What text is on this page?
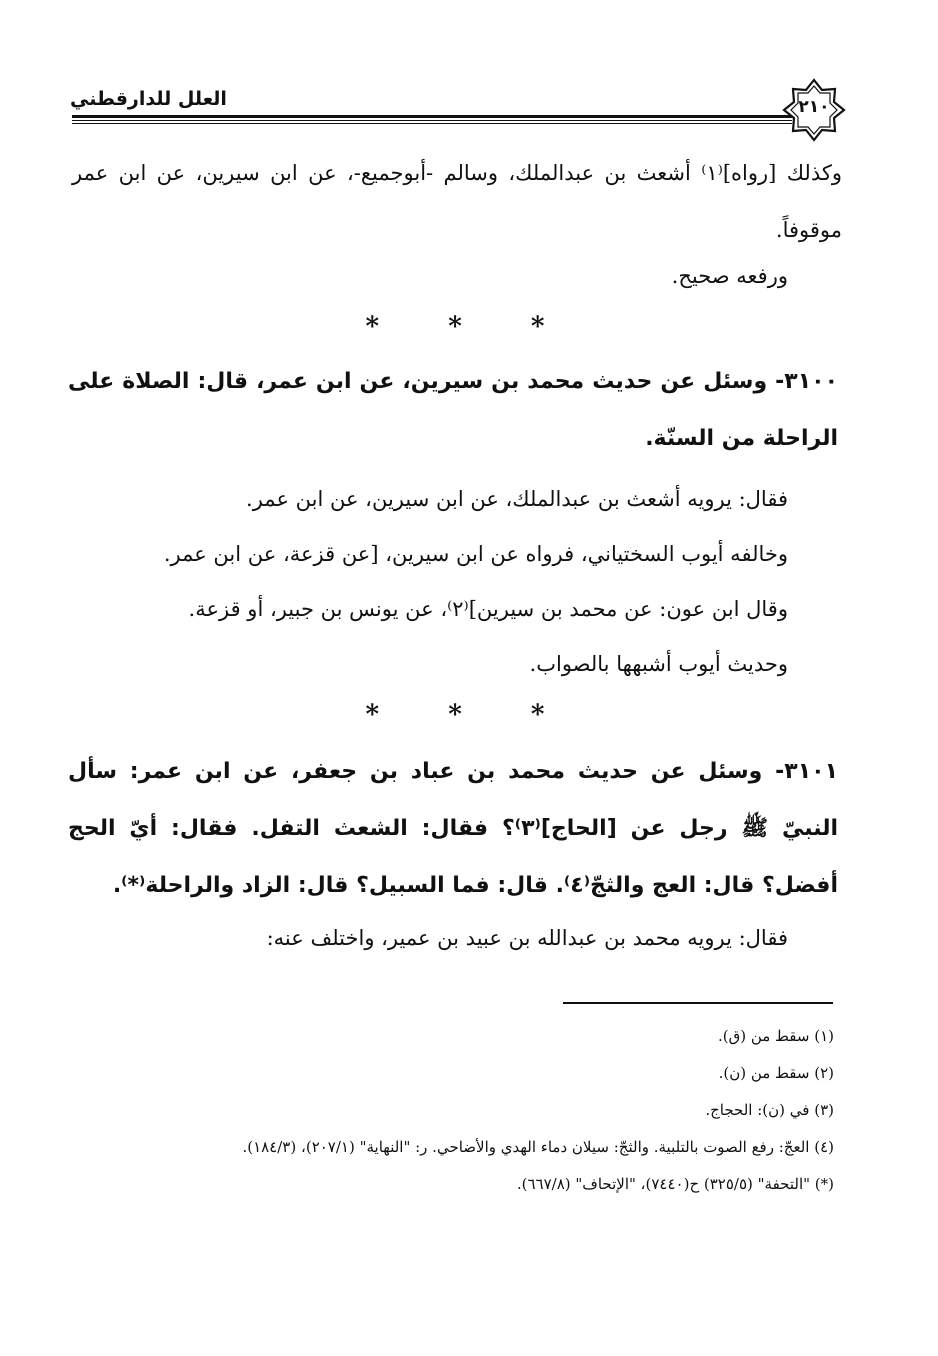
العلل للدارقطني	٢١٠
وكذلك [رواه]⁽١⁾ أشعث بن عبدالملك، وسالم -أبوجميع-، عن ابن سيرين، عن ابن عمر موقوفاً.
ورفعه صحيح.
*	*	*
٣١٠٠- وسئل عن حديث محمد بن سيرين، عن ابن عمر، قال: الصلاة على الراحلة من السنّة.
فقال: يرويه أشعث بن عبدالملك، عن ابن سيرين، عن ابن عمر.
وخالفه أيوب السختياني، فرواه عن ابن سيرين، [عن قزعة، عن ابن عمر.
وقال ابن عون: عن محمد بن سيرين]⁽٢⁾، عن يونس بن جبير، أو قزعة.
وحديث أيوب أشبهها بالصواب.
*	*	*
٣١٠١- وسئل عن حديث محمد بن عباد بن جعفر، عن ابن عمر: سأل النبيّ ﷺ رجل عن [الحاج]⁽٣⁾؟ فقال: الشعث التفل. فقال: أيّ الحج أفضل؟ قال: العج والثجّ⁽٤⁾. قال: فما السبيل؟ قال: الزاد والراحلة⁽*⁾.
فقال: يرويه محمد بن عبدالله بن عبيد بن عمير، واختلف عنه:
(١) سقط من (ق).
(٢) سقط من (ن).
(٣) في (ن): الحجاج.
(٤) العجّ: رفع الصوت بالتلبية. والثجّ: سيلان دماء الهدي والأضاحي. ر: "النهاية" (٢٠٧/١)، (١٨٤/٣).
(*) "التحفة" (٣٢٥/٥) ح(٧٤٤٠)، "الإتحاف" (٦٦٧/٨).
